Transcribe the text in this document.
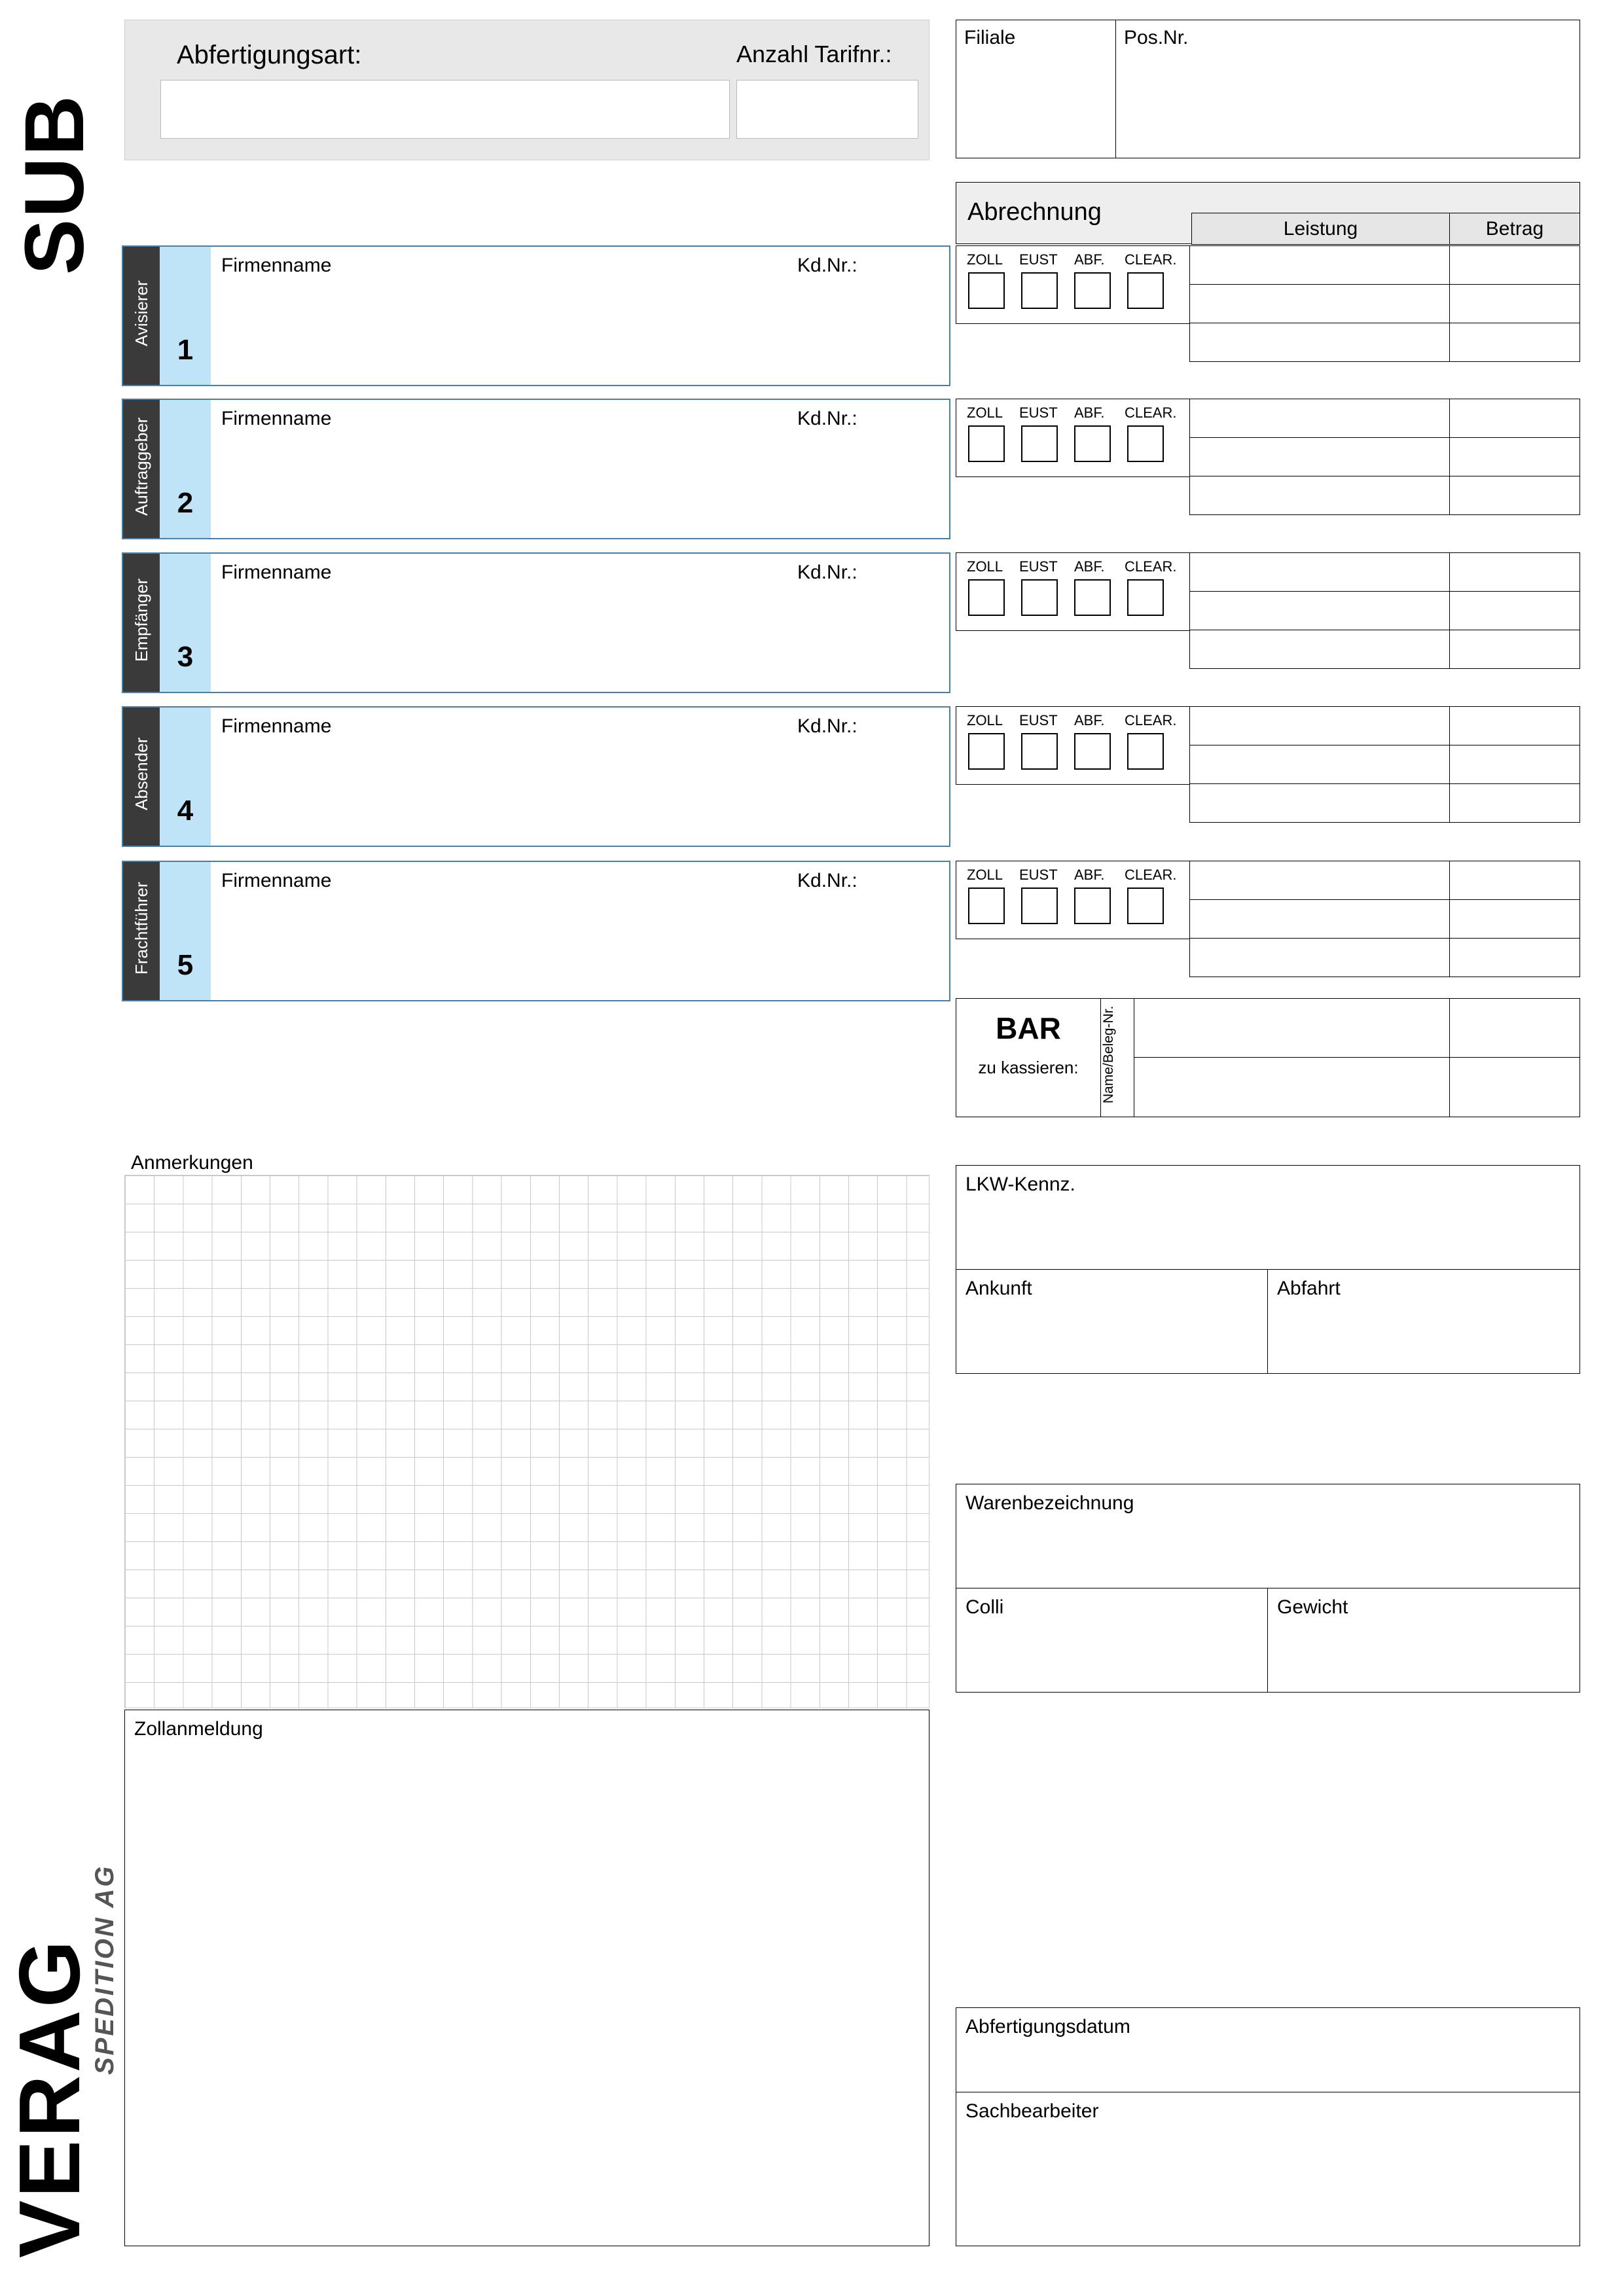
SUB
VERAG
SPEDITION AG
Abfertigungsart:	Anzahl Tarifnr.:
Filiale	Pos.Nr.
Abrechnung
Leistung	Betrag
Avisierer
1
Firmenname	Kd.Nr.:	ZOLL EUST ABF. CLEAR.
Auftraggeber 2
Firmenname	Kd.Nr.:	ZOLL EUST ABF. CLEAR.
Empfänger 3
Firmenname	Kd.Nr.:	ZOLL EUST ABF. CLEAR.
Absender
4
Firmenname	Kd.Nr.:	ZOLL EUST ABF. CLEAR.
Frachtführer 5
Firmenname	Kd.Nr.:	ZOLL EUST ABF. CLEAR.
BAR
zu kassieren:	Name/Beleg-Nr.
Anmerkungen
Zollanmeldung
LKW-Kennz.
Ankunft	Abfahrt
Warenbezeichnung
Colli	Gewicht
Abfertigungsdatum
Sachbearbeiter
